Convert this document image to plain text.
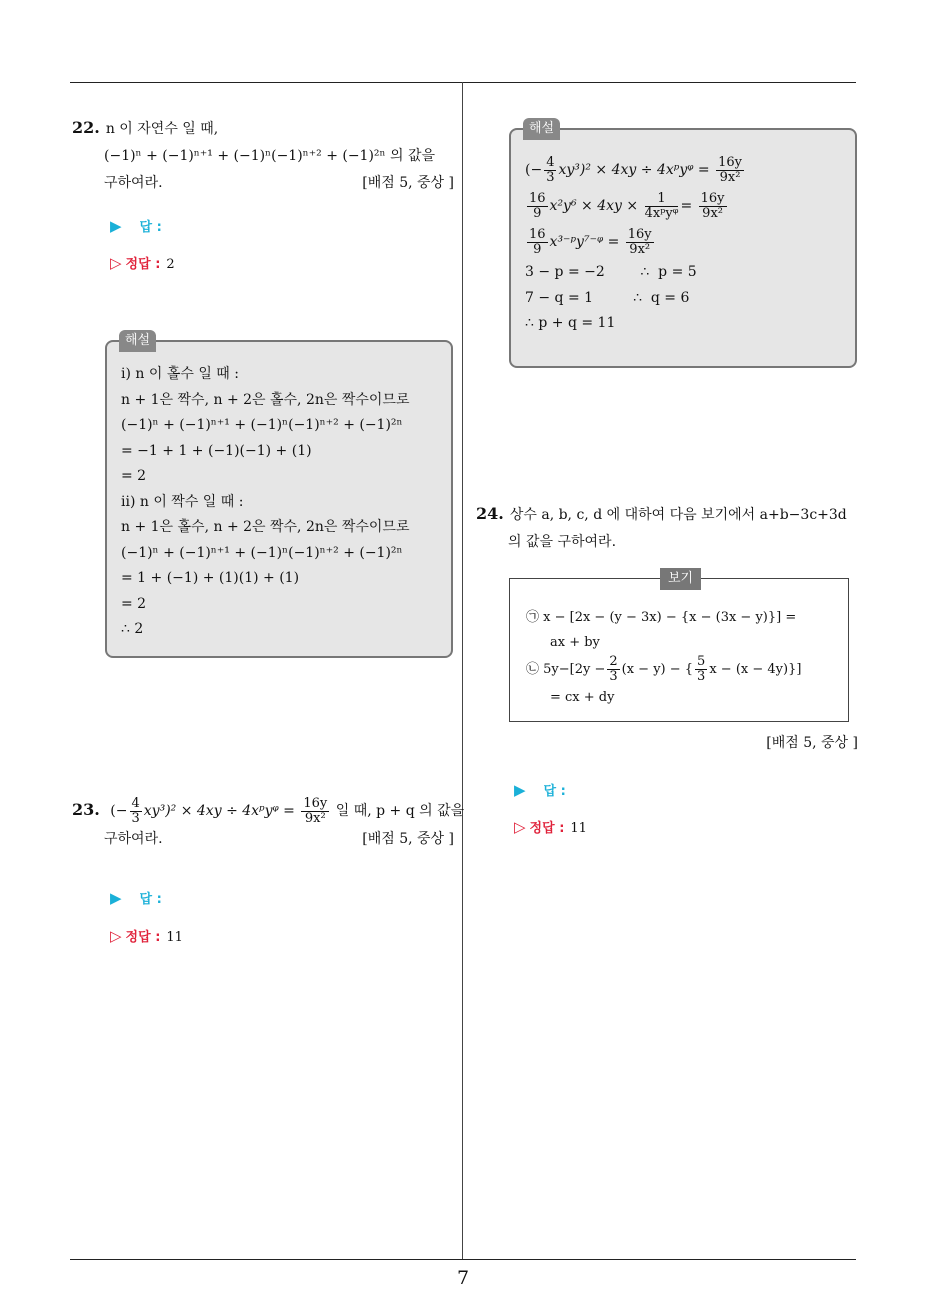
7
22. n 이 자연수 일 때,
(−1)ⁿ + (−1)ⁿ⁺¹ + (−1)ⁿ(−1)ⁿ⁺² + (−1)²ⁿ 의 값을
구하여라.	[배점 5, 중상 ]
▶ 답 :
▷ 정답 : 2
해설
i) n 이 홀수 일 때 :
n + 1은 짝수, n + 2은 홀수, 2n은 짝수이므로
(−1)ⁿ + (−1)ⁿ⁺¹ + (−1)ⁿ(−1)ⁿ⁺² + (−1)²ⁿ
= −1 + 1 + (−1)(−1) + (1)
= 2
ii) n 이 짝수 일 때 :
n + 1은 홀수, n + 2은 짝수, 2n은 짝수이므로
(−1)ⁿ + (−1)ⁿ⁺¹ + (−1)ⁿ(−1)ⁿ⁺² + (−1)²ⁿ
= 1 + (−1) + (1)(1) + (1)
= 2
∴ 2
23. (− $\frac{4}{3} xy^3)^2 \times 4xy$ ÷ 4xᵖyᵠ = $\frac{16y}{\text{9x²}}$ 일 때, p + q 의 값을
구하여라.	[배점 5, 중상 ]
▶ 답 :
▷ 정답 : 11
해설
(− $\frac{4}{3} xy^3)^2 \times 4xy$ ÷ 4xᵖyᵠ = $\frac{16y}{\text{9x²}}$
$\frac{16}{9} x^2y^6 \times 4xy \times \frac{1}{\text{4xᵖyᵠ}} = \frac{16y}{\text{9x²}}$
$\frac{16}{9}$ x³⁻ᵖy⁷⁻ᵠ = $\frac{16y}{\text{9x²}}$
3 − p = −2        ∴  p = 5
7 − q = 1         ∴  q = 6
∴ p + q = 11
24. 상수 a, b, c, d 에 대하여 다음 보기에서 a+b−3c+3d
의 값을 구하여라.
보기
㉠ x − [2x − (y − 3x) − {x − (3x − y)}] =
ax + by
㉡ $5y-[2y - \frac{2}{3} (x - y)$ − { $\frac{5}{3}$ x − (x − 4y)}]
= cx + dy
[배점 5, 중상 ]
▶ 답 :
▷ 정답 : 11
